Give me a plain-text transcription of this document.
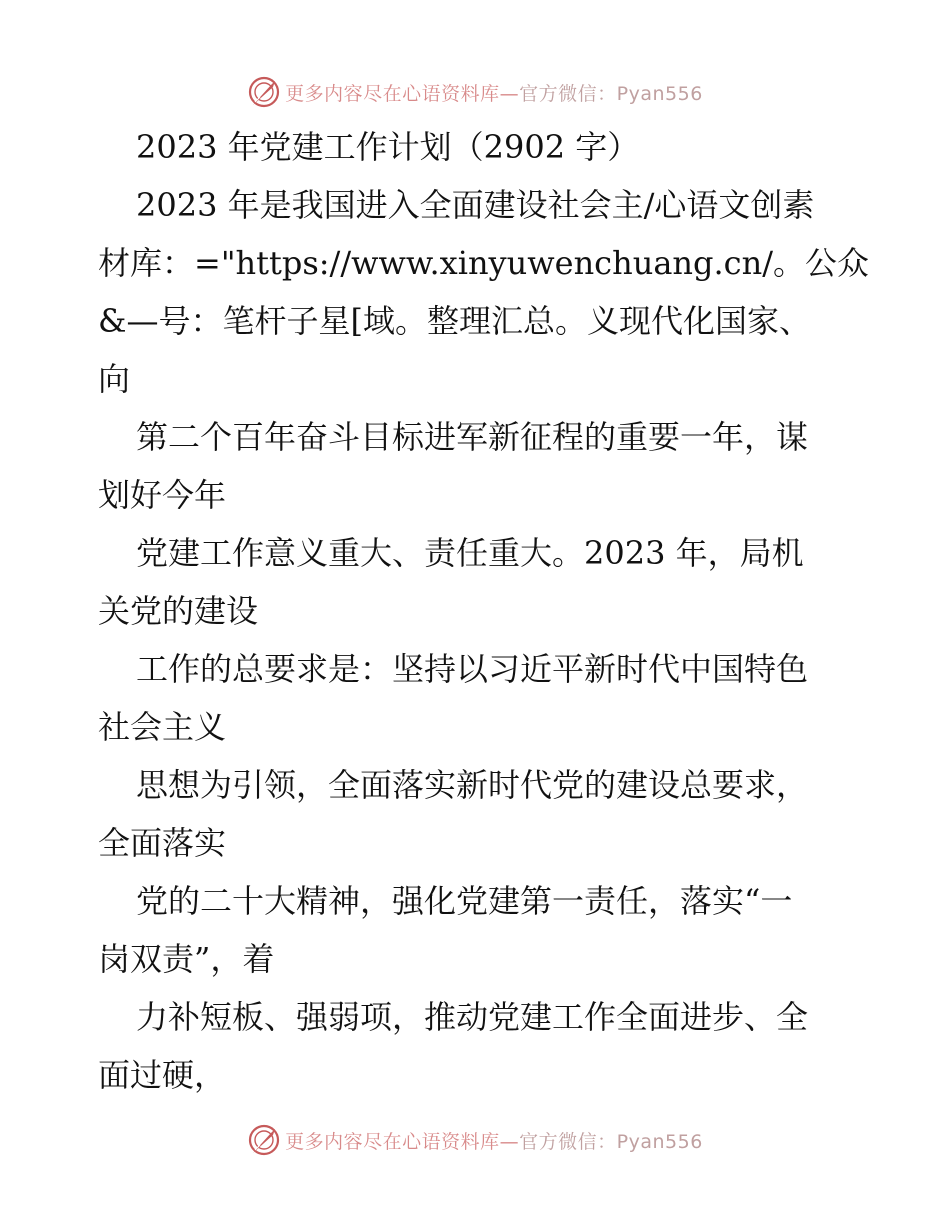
更多内容尽在心语资料库—官方微信：Pyan556
2023 年党建工作计划（2902 字）
2023 年是我国进入全面建设社会主/心语文创素
材库：="https://www.xinyuwenchuang.cn/。公众
&—号：笔杆子星[域。整理汇总。义现代化国家、
向
第二个百年奋斗目标进军新征程的重要一年，谋
划好今年
党建工作意义重大、责任重大。2023 年，局机
关党的建设
工作的总要求是：坚持以习近平新时代中国特色
社会主义
思想为引领，全面落实新时代党的建设总要求，
全面落实
党的二十大精神，强化党建第一责任，落实“一
岗双责”，着
力补短板、强弱项，推动党建工作全面进步、全
面过硬，
更多内容尽在心语资料库—官方微信：Pyan556
